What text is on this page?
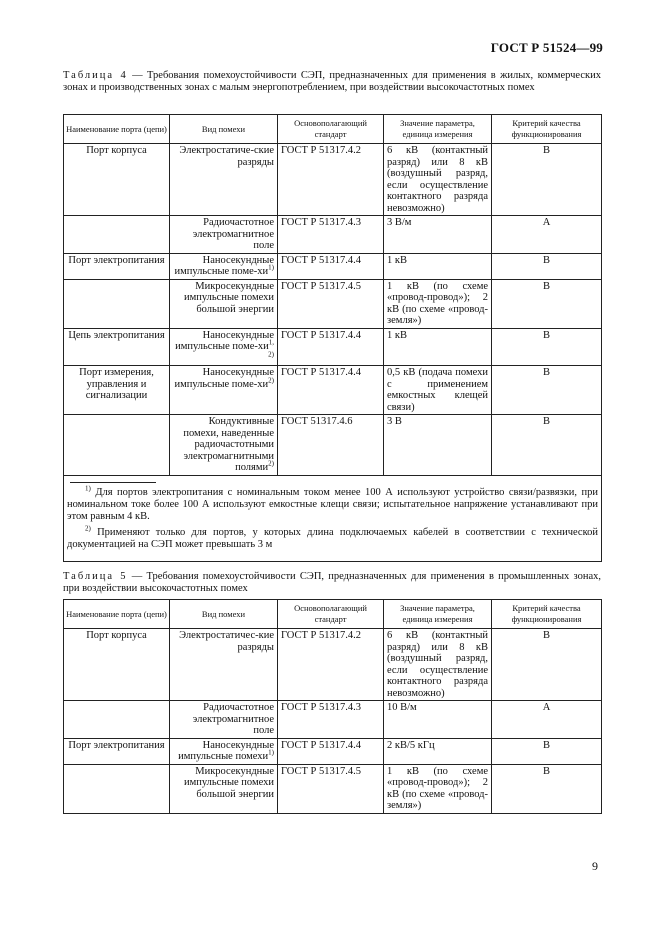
ГОСТ Р 51524—99
Таблица 4 — Требования помехоустойчивости СЭП, предназначенных для применения в жилых, коммерческих зонах и производственных зонах с малым энергопотреблением, при воздействии высокочастотных помех
Наименование порта (цепи)	Вид помехи	Основополагающий стандарт	Значение параметра, единица измерения	Критерий качества функционирования
Порт корпуса	Электростатиче-ские разряды	ГОСТ Р 51317.4.2	6 кВ (контактный разряд) или 8 кВ (воздушный разряд, если осуществление контактного разряда невозможно)	В
	Радиочастотное электромагнитное поле	ГОСТ Р 51317.4.3	3 В/м	А
Порт электропитания	Наносекундные импульсные поме-$хи^{1)}$	ГОСТ Р 51317.4.4	1 кВ	В
	Микросекундные импульсные помехи большой энергии	ГОСТ Р 51317.4.5	1 кВ (по схеме «провод-провод»); 2 кВ (по схеме «провод-земля»)	В
Цепь электропитания	Наносекундные импульсные поме-хи$^{1, 2)}$	ГОСТ Р 51317.4.4	1 кВ	В
Порт измерения, управления и сигнализации	Наносекундные импульсные поме-$хи^{2)}$	ГОСТ Р 51317.4.4	0,5 кВ (подача помехи с применением емкостных клещей связи)	В
	Кондуктивные помехи, наведенные радиочастотными электромагнитными полями$^{2)}$	ГОСТ 51317.4.6	3 В	В

$^{1)}$ Для портов электропитания с номинальным током менее 100 А используют устройство связи/развязки, при номинальном токе более 100 А используют емкостные клещи связи; испытательное напряжение устанавливают при этом равным 4 кВ.

$^{2)}$ Применяют только для портов, у которых длина подключаемых кабелей в соответствии с технической документацией на СЭП может превышать 3 м				

Таблица 5 — Требования помехоустойчивости СЭП, предназначенных для применения в промышленных зонах, при воздействии высокочастотных помех
Наименование порта (цепи)	Вид помехи	Основополагающий стандарт	Значение параметра, единица измерения	Критерий качества функционирования
Порт корпуса	Электростатичес-кие разряды	ГОСТ Р 51317.4.2	6 кВ (контактный разряд) или 8 кВ (воздушный разряд, если осуществление контактного разряда невозможно)	В
	Радиочастотное электромагнитное поле	ГОСТ Р 51317.4.3	10 В/м	А
Порт электропитания	Наносекундные импульсные помехи$^{1)}$	ГОСТ Р 51317.4.4	2 кВ/5 кГц	В
	Микросекундные импульсные помехи большой энергии	ГОСТ Р 51317.4.5	1 кВ (по схеме «провод-провод»); 2 кВ (по схеме «провод-земля»)	В
9
